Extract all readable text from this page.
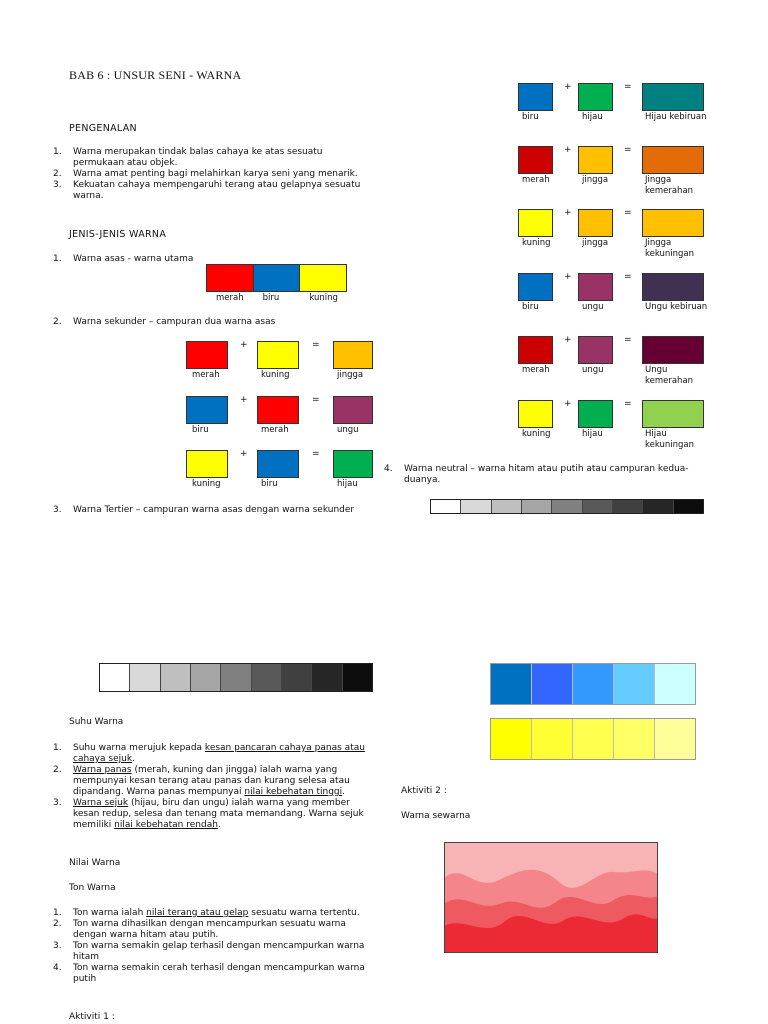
BAB 6 : UNSUR SENI - WARNA
PENGENALAN
1.	Warna merupakan tindak balas cahaya ke atas sesuatu permukaan atau objek.
2.	Warna amat penting bagi melahirkan karya seni yang menarik.
3.	Kekuatan cahaya mempengaruhi terang atau gelapnya sesuatu warna.
JENIS-JENIS WARNA
1. Warna asas - warna utama
merah biru	kuning
2. Warna sekunder – campuran dua warna asas
+	=
merah	kuning	jingga
+	=
biru	merah	ungu
+	=
kuning	biru	hijau
3. Warna Tertier – campuran warna asas dengan warna sekunder
+	=
biru	hijau	Hijau kebiruan
+	=
merah	jingga	Jingga kemerahan
+	=
kuning	jingga	Jingga kekuningan
+	=
biru	ungu	Ungu kebiruan
+	=
merah	ungu	Ungu kemerahan
+	=
kuning	hijau	Hijau kekuningan
4.	Warna neutral – warna hitam atau putih atau campuran kedua-duanya.
Suhu Warna
1.	Suhu warna merujuk kepada kesan pancaran cahaya panas atau cahaya sejuk.
2.	Warna panas (merah, kuning dan jingga) ialah warna yang mempunyai kesan terang atau panas dan kurang selesa atau dipandang. Warna panas mempunyai nilai kebehatan tinggi.
3.	Warna sejuk (hijau, biru dan ungu) ialah warna yang member kesan redup, selesa dan tenang mata memandang. Warna sejuk memiliki nilai kebehatan rendah.
Aktiviti 2 :
Warna sewarna
Nilai Warna
Ton Warna
1.	Ton warna ialah nilai terang atau gelap sesuatu warna tertentu.
2.	Ton warna dihasilkan dengan mencampurkan sesuatu warna dengan warna hitam atau putih.
3.	Ton warna semakin gelap terhasil dengan mencampurkan warna hitam
4.	Ton warna semakin cerah terhasil dengan mencampurkan warna putih
Aktiviti 1 :
